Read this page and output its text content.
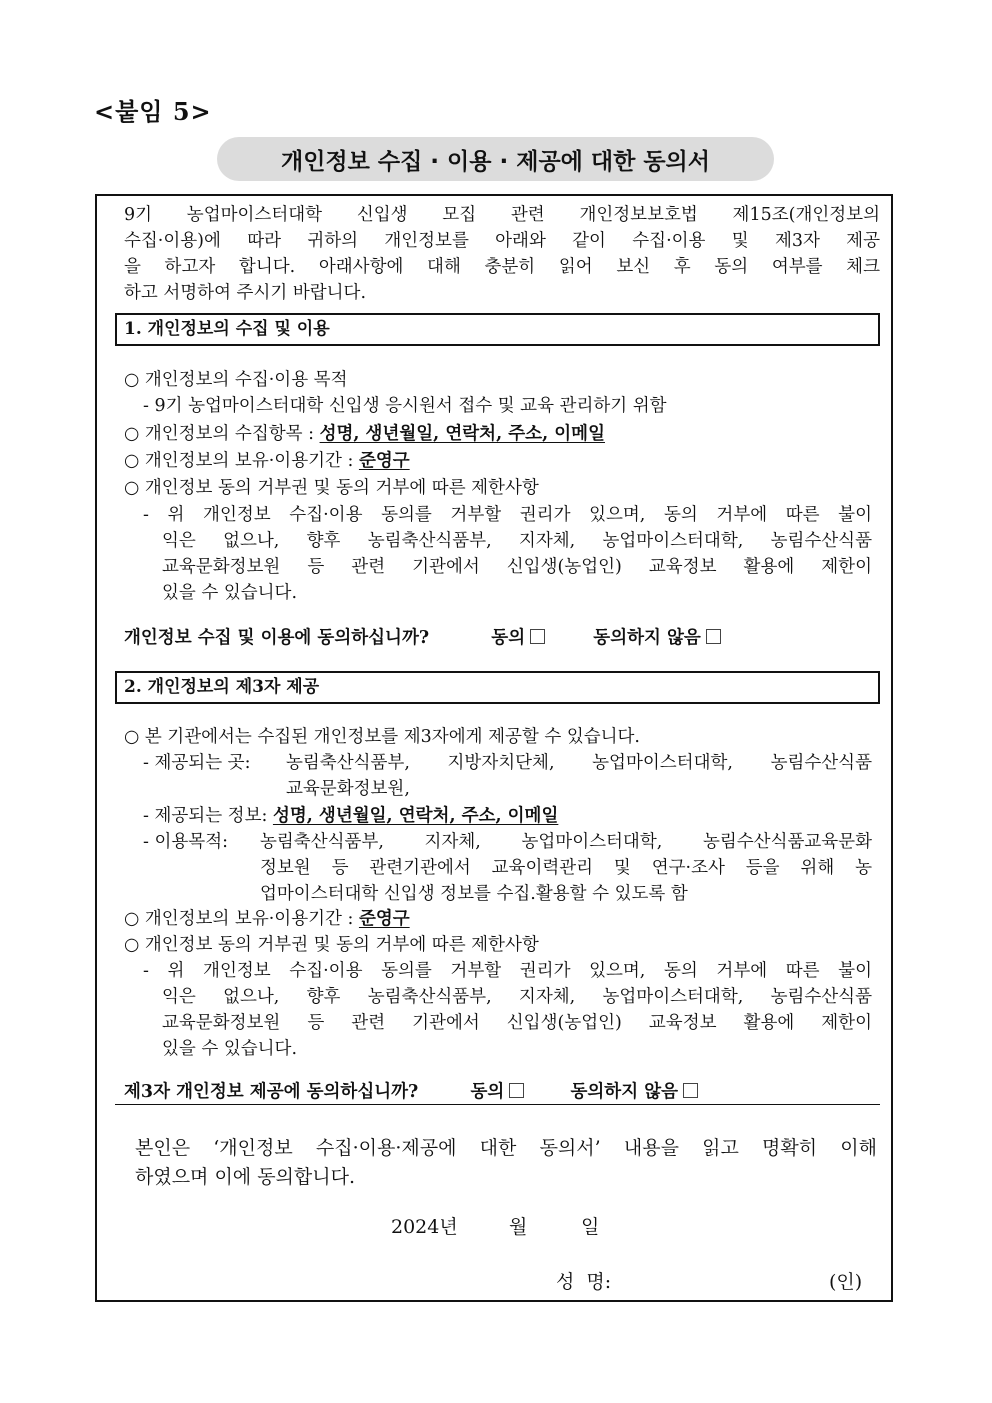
<붙임 5>
개인정보 수집 · 이용 · 제공에 대한 동의서
9기 농업마이스터대학 신입생 모집 관련 개인정보보호법 제15조(개인정보의
수집·이용)에 따라 귀하의 개인정보를 아래와 같이 수집·이용 및 제3자 제공
을 하고자 합니다. 아래사항에 대해 충분히 읽어 보신 후 동의 여부를 체크
하고 서명하여 주시기 바랍니다.
1. 개인정보의 수집 및 이용
○ 개인정보의 수집·이용 목적
- 9기 농업마이스터대학 신입생 응시원서 접수 및 교육 관리하기 위함
○ 개인정보의 수집항목 : 성명, 생년월일, 연락처, 주소, 이메일
○ 개인정보의 보유·이용기간 : 준영구
○ 개인정보 동의 거부권 및 동의 거부에 따른 제한사항
- 위 개인정보 수집·이용 동의를 거부할 권리가 있으며, 동의 거부에 따른 불이
익은 없으나, 향후 농림축산식품부, 지자체, 농업마이스터대학, 농림수산식품
교육문화정보원 등 관련 기관에서 신입생(농업인) 교육정보 활용에 제한이
있을 수 있습니다.
개인정보 수집 및 이용에 동의하십니까?	동의	동의하지 않음
2. 개인정보의 제3자 제공
○ 본 기관에서는 수집된 개인정보를 제3자에게 제공할 수 있습니다.
- 제공되는 곳: 농림축산식품부, 지방자치단체, 농업마이스터대학, 농림수산식품
교육문화정보원,
- 제공되는 정보: 성명, 생년월일, 연락처, 주소, 이메일
- 이용목적: 농림축산식품부, 지자체, 농업마이스터대학, 농림수산식품교육문화
정보원 등 관련기관에서 교육이력관리 및 연구·조사 등을 위해 농
업마이스터대학 신입생 정보를 수집.활용할 수 있도록 함
○ 개인정보의 보유·이용기간 : 준영구
○ 개인정보 동의 거부권 및 동의 거부에 따른 제한사항
- 위 개인정보 수집·이용 동의를 거부할 권리가 있으며, 동의 거부에 따른 불이
익은 없으나, 향후 농림축산식품부, 지자체, 농업마이스터대학, 농림수산식품
교육문화정보원 등 관련 기관에서 신입생(농업인) 교육정보 활용에 제한이
있을 수 있습니다.
제3자 개인정보 제공에 동의하십니까?	동의	동의하지 않음
본인은 ‘개인정보 수집·이용·제공에 대한 동의서’ 내용을 읽고 명확히 이해
하였으며 이에 동의합니다.
2024년	월	일
성  명:	(인)
